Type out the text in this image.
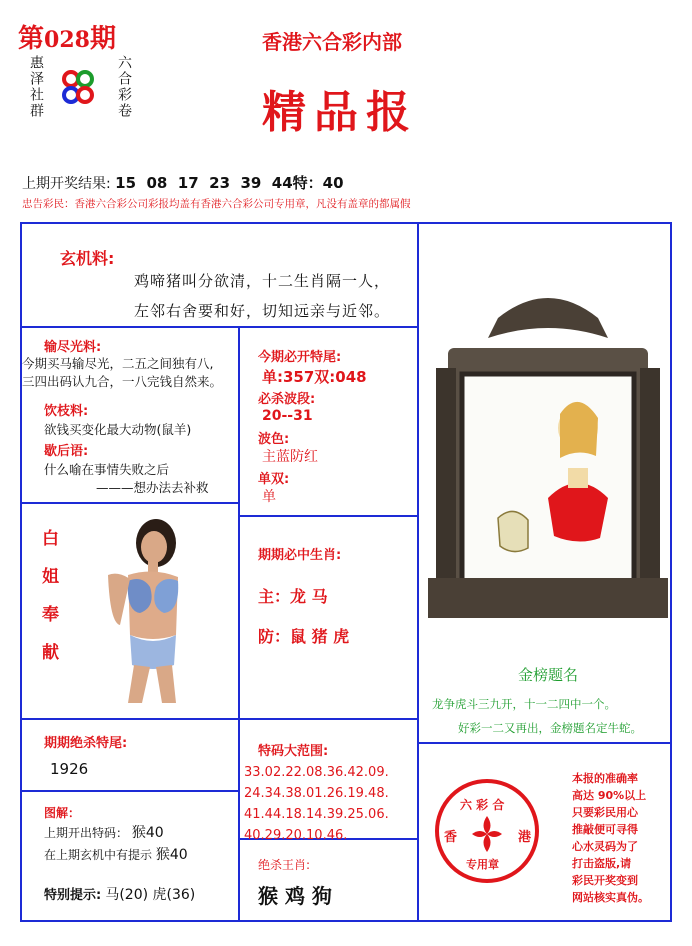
第028期
惠泽社群	六合彩卷
香港六合彩内部
精品报
上期开奖结果: 15  08  17  23  39  44特：40
忠告彩民：香港六合彩公司彩报均盖有香港六合彩公司专用章，凡没有盖章的都属假
玄机料:
鸡啼猪叫分欲清，十二生肖隔一人，
左邻右舍要和好，切知远亲与近邻。
输尽光料:
今期买马输尽光，二五之间独有八,
三四出码认九合，一八完钱自然来。
饮枝料:
欲钱买变化最大动物(鼠羊)
歇后语:
什么喻在事情失败之后
———想办法去补救
白
姐
奉
献
今期必开特尾:
单:357双:048
必杀波段:
20--31
波色:
主蓝防红
单双:
单
期期必中生肖:
主：龙 马
防：鼠 猪 虎
金榜题名
龙争虎斗三九开，十一二四中一个。
好彩一二又再出，金榜题名定牛蛇。
期期绝杀特尾:
1926
特码大范围:
33.02.22.08.36.42.09.
24.34.38.01.26.19.48.
41.44.18.14.39.25.06.
40.29.20.10.46.
图解：
上期开出特码： 猴40
在上期玄机中有提示 猴40
特别提示: 马(20) 虎(36)
绝杀王肖:
猴 鸡 狗
六 彩 合
香	港
专用章
本报的准确率
高达 90%以上
只要彩民用心
推敲便可寻得
心水灵码为了
打击盗版,请
彩民开奖变到
网站核实真伪。
